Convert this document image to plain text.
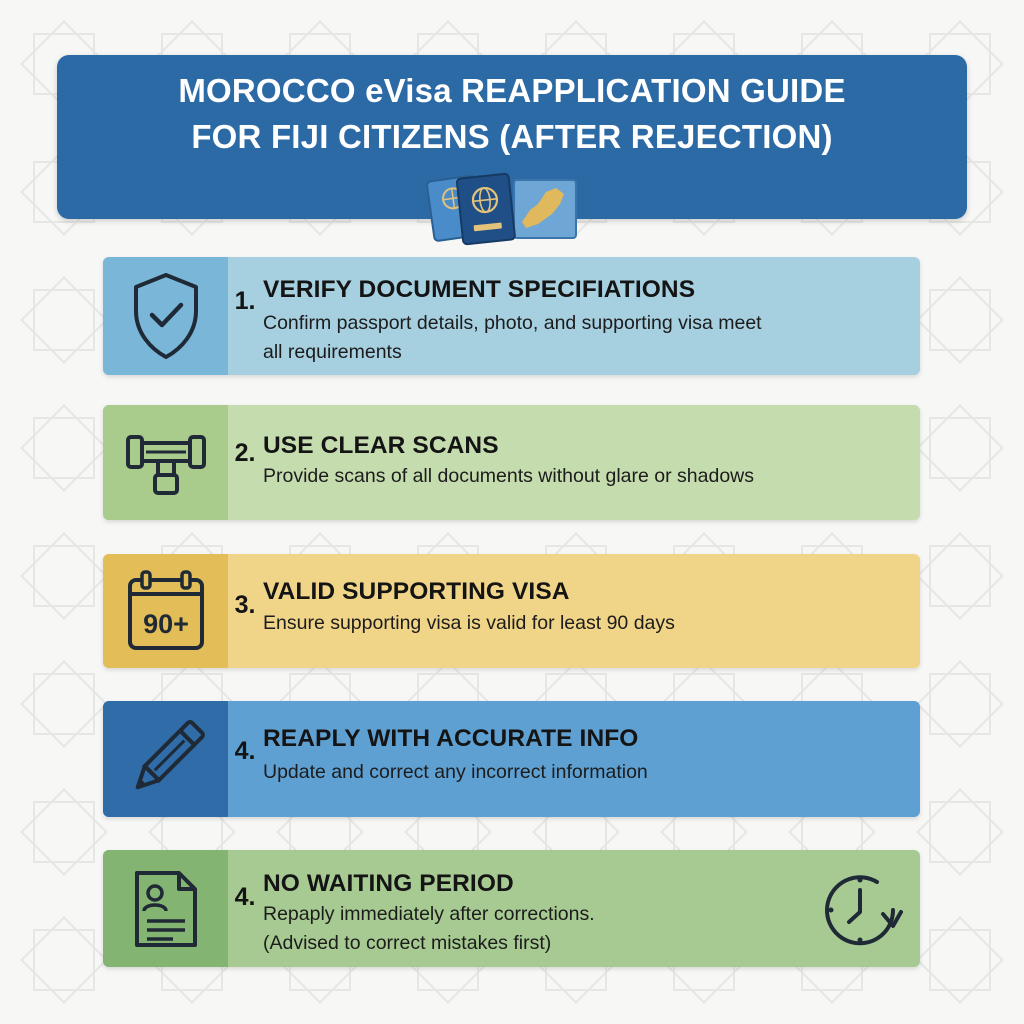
MOROCCO eVisa REAPPLICATION GUIDE
FOR FIJI CITIZENS (AFTER REJECTION)
1. VERIFY DOCUMENT SPECIFIATIONS
Confirm passport details, photo, and supporting visa meet
all requirements
2. USE CLEAR SCANS
Provide scans of all documents without glare or shadows
90+
3. VALID SUPPORTING VISA
Ensure supporting visa is valid for least 90 days
4. REAPLY WITH ACCURATE INFO
Update and correct any incorrect information
4. NO WAITING PERIOD
Repaply immediately after corrections.
(Advised to correct mistakes first)
